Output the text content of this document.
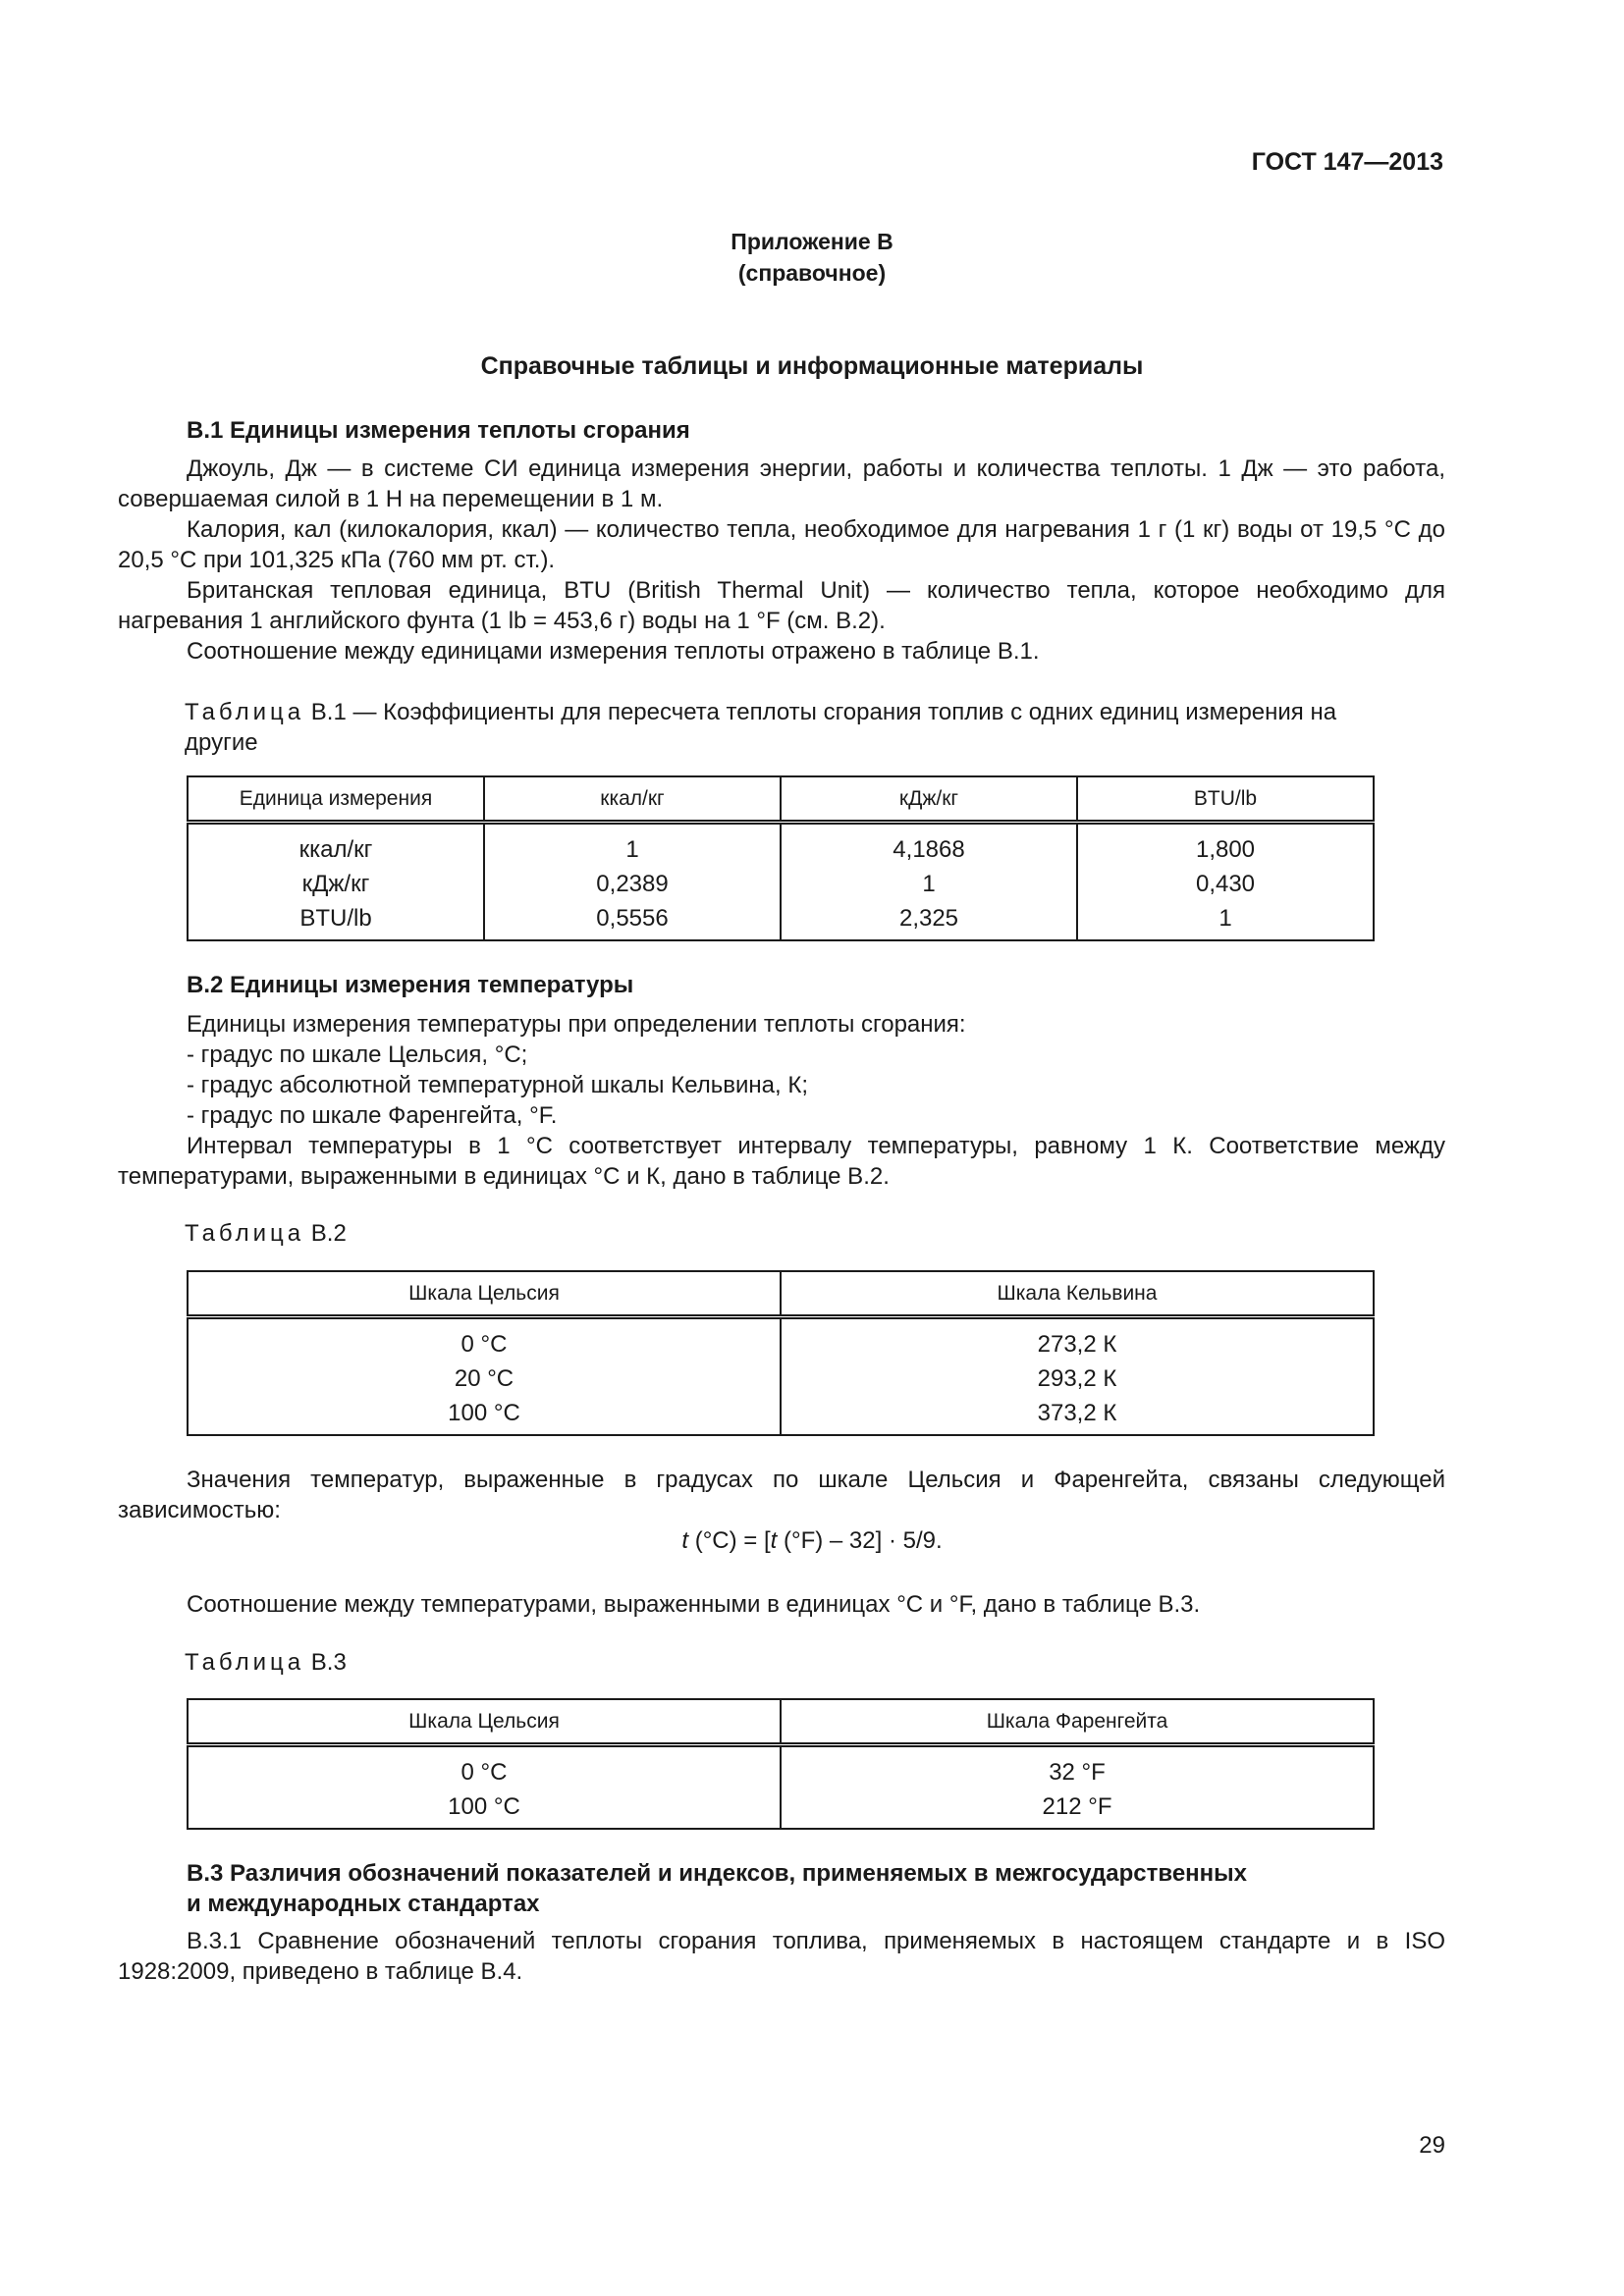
ГОСТ 147—2013
Приложение В
(справочное)
Справочные таблицы и информационные материалы
В.1 Единицы измерения теплоты сгорания
Джоуль, Дж — в системе СИ единица измерения энергии, работы и количества теплоты. 1 Дж — это работа, совершаемая силой в 1 Н на перемещении в 1 м.
Калория, кал (килокалория, ккал) — количество тепла, необходимое для нагревания 1 г (1 кг) воды от 19,5 °С до 20,5 °С при 101,325 кПа (760 мм рт. ст.).
Британская тепловая единица, BTU (British Thermal Unit) — количество тепла, которое необходимо для нагревания 1 английского фунта (1 lb = 453,6 г) воды на 1 °F (см. В.2).
Соотношение между единицами измерения теплоты отражено в таблице В.1.
Таблица В.1 — Коэффициенты для пересчета теплоты сгорания топлив с одних единиц измерения на другие
Единица измерения	ккал/кг	кДж/кг	BTU/lb
ккал/кг	1	4,1868	1,800
кДж/кг	0,2389	1	0,430
BTU/lb	0,5556	2,325	1
В.2 Единицы измерения температуры
Единицы измерения температуры при определении теплоты сгорания:
- градус по шкале Цельсия, °С;
- градус абсолютной температурной шкалы Кельвина, К;
- градус по шкале Фаренгейта, °F.
Интервал температуры в 1 °С соответствует интервалу температуры, равному 1 К. Соответствие между температурами, выраженными в единицах °С и К, дано в таблице В.2.
Таблица В.2
Шкала Цельсия	Шкала Кельвина
0 °С	273,2 К
20 °С	293,2 К
100 °С	373,2 К
Значения температур, выраженные в градусах по шкале Цельсия и Фаренгейта, связаны следующей зависимостью:
t (°С) = [t (°F) – 32] · 5/9.
Соотношение между температурами, выраженными в единицах °С и °F, дано в таблице В.3.
Таблица В.3
Шкала Цельсия	Шкала Фаренгейта
0 °С	32 °F
100 °С	212 °F
В.3 Различия обозначений показателей и индексов, применяемых в межгосударственных
и международных стандартах
В.3.1 Сравнение обозначений теплоты сгорания топлива, применяемых в настоящем стандарте и в ISO 1928:2009, приведено в таблице В.4.
29
